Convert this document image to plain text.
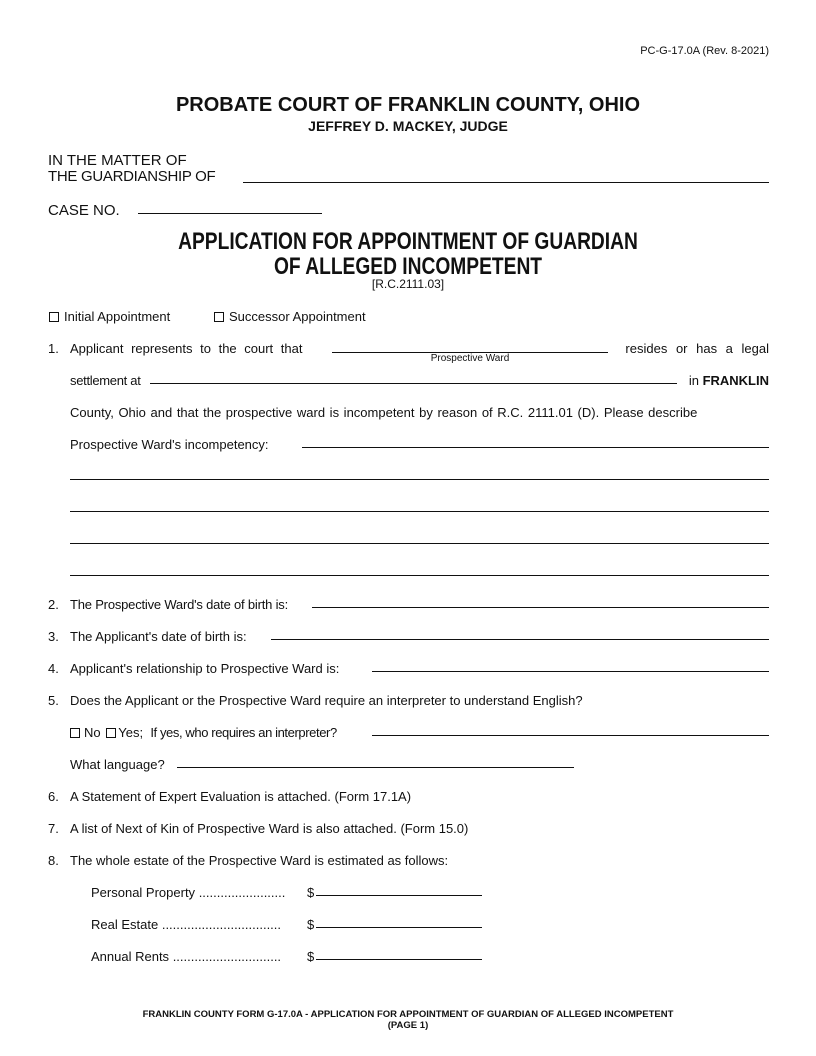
PC-G-17.0A (Rev. 8-2021)
PROBATE COURT OF FRANKLIN COUNTY, OHIO
JEFFREY D. MACKEY, JUDGE
IN THE MATTER OF
THE GUARDIANSHIP OF
CASE NO.
APPLICATION FOR APPOINTMENT OF GUARDIAN
OF ALLEGED INCOMPETENT
[R.C.2111.03]
Initial Appointment	Successor Appointment
1. Applicant represents to the court that
Prospective Ward
resides or has a legal
settlement at	in FRANKLIN
County, Ohio and that the prospective ward is incompetent by reason of R.C. 2111.01 (D). Please describe
Prospective Ward's incompetency:
2. The Prospective Ward's date of birth is:
3. The Applicant's date of birth is:
4. Applicant's relationship to Prospective Ward is:
5. Does the Applicant or the Prospective Ward require an interpreter to understand English?
No Yes; If yes, who requires an interpreter?
What language?
6. A Statement of Expert Evaluation is attached. (Form 17.1A)
7. A list of Next of Kin of Prospective Ward is also attached. (Form 15.0)
8. The whole estate of the Prospective Ward is estimated as follows:
Personal Property ........................ $
Real Estate ................................. $
Annual Rents .............................. $
FRANKLIN COUNTY FORM G-17.0A - APPLICATION FOR APPOINTMENT OF GUARDIAN OF ALLEGED INCOMPETENT
(PAGE 1)
